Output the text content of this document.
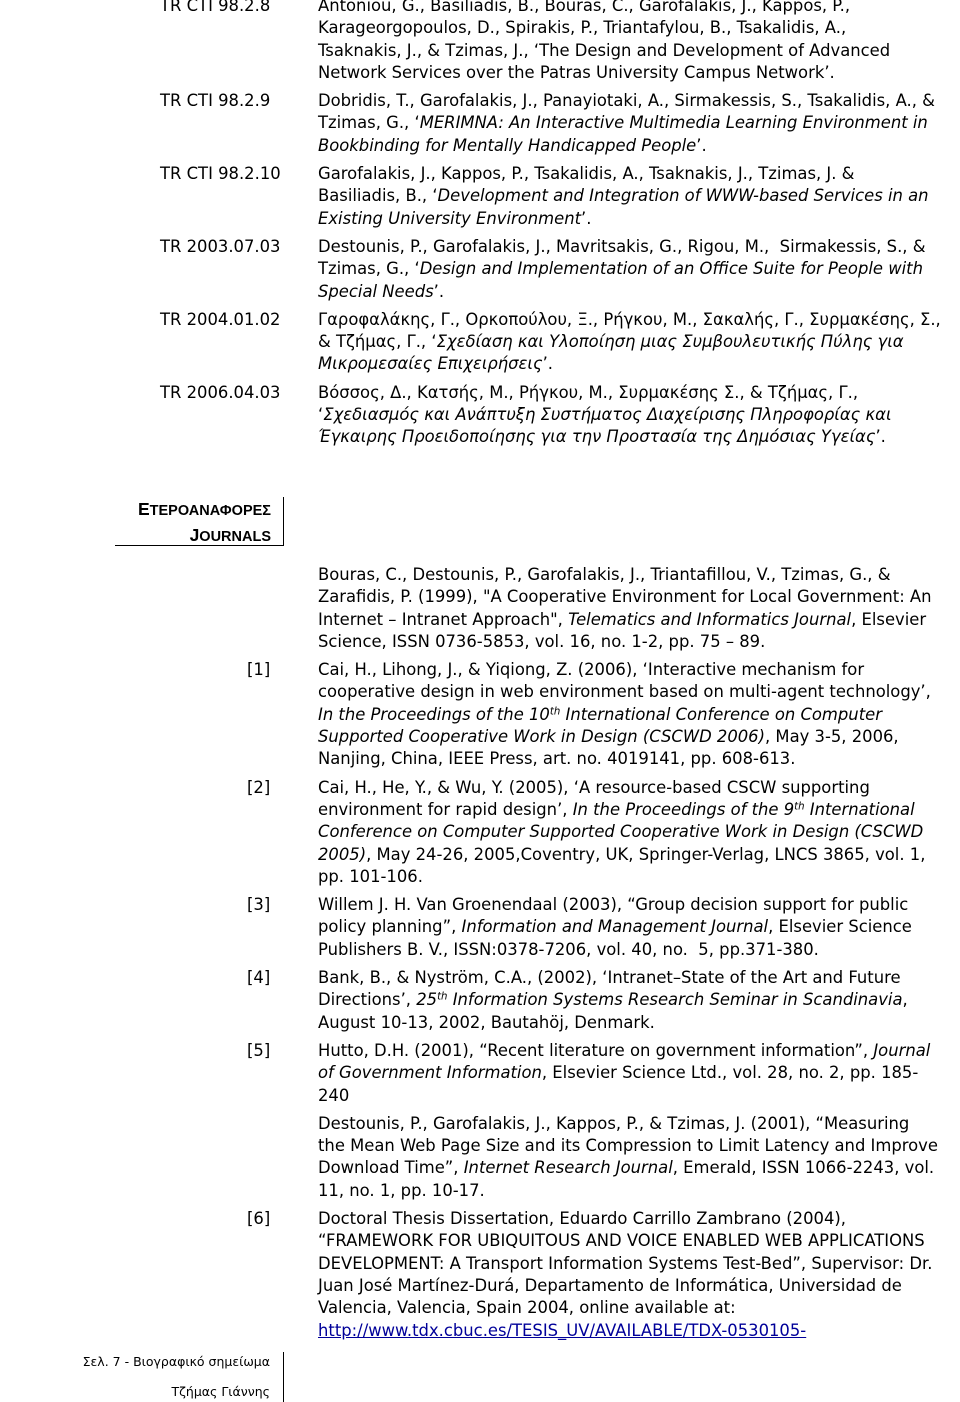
TR CTI 98.2.8	Antoniou, G., Basiliadis, B., Bouras, C., Garofalakis, J., Kappos, P.,
Karageorgopoulos, D., Spirakis, P., Triantafylou, B., Tsakalidis, A.,
Tsaknakis, J., & Tzimas, J., ‘The Design and Development of Advanced
Network Services over the Patras University Campus Network’.
TR CTI 98.2.9	Dobridis, T., Garofalakis, J., Panayiotaki, A., Sirmakessis, S., Tsakalidis, A., &
Tzimas, G., ‘MERIMNA: An Interactive Multimedia Learning Environment in
Bookbinding for Mentally Handicapped People’.
TR CTI 98.2.10	Garofalakis, J., Kappos, P., Tsakalidis, A., Tsaknakis, J., Tzimas, J. &
Basiliadis, B., ‘Development and Integration of WWW-based Services in an
Existing University Environment’.
TR 2003.07.03	Destounis, P., Garofalakis, J., Mavritsakis, G., Rigou, M.,  Sirmakessis, S., &
Tzimas, G., ‘Design and Implementation of an Office Suite for People with
Special Needs’.
TR 2004.01.02	Γαροφαλάκης, Γ., Ορκοπούλου, Ξ., Ρήγκου, Μ., Σακαλής, Γ., Συρμακέσης, Σ.,
& Τζήμας, Γ., ‘Σχεδίαση και Υλοποίηση μιας Συμβουλευτικής Πύλης για
Μικρομεσαίες Επιχειρήσεις’.
TR 2006.04.03	Βόσσος, Δ., Κατσής, Μ., Ρήγκου, Μ., Συρμακέσης Σ., & Τζήμας, Γ.,
‘Σχεδιασμός και Ανάπτυξη Συστήματος Διαχείρισης Πληροφορίας και
Έγκαιρης Προειδοποίησης για την Προστασία της Δημόσιας Υγείας’.
ΕΤΕΡΟΑΝΑΦΟΡΕΣ
JOURNALS
Bouras, C., Destounis, P., Garofalakis, J., Triantafillou, V., Tzimas, G., &
Zarafidis, P. (1999), "A Cooperative Environment for Local Government: An
Internet – Intranet Approach", Telematics and Informatics Journal, Elsevier
Science, ISSN 0736-5853, vol. 16, no. 1-2, pp. 75 – 89.
[1]	Cai, H., Lihong, J., & Yiqiong, Z. (2006), ‘Interactive mechanism for
cooperative design in web environment based on multi-agent technology’,
In the Proceedings of the 10th International Conference on Computer
Supported Cooperative Work in Design (CSCWD 2006), May 3-5, 2006,
Nanjing, China, IEEE Press, art. no. 4019141, pp. 608-613.
[2]	Cai, H., He, Y., & Wu, Y. (2005), ‘A resource-based CSCW supporting
environment for rapid design’, In the Proceedings of the 9th International
Conference on Computer Supported Cooperative Work in Design (CSCWD
2005), May 24-26, 2005,Coventry, UK, Springer-Verlag, LNCS 3865, vol. 1,
pp. 101-106.
[3]	Willem J. H. Van Groenendaal (2003), “Group decision support for public
policy planning”, Information and Management Journal, Elsevier Science
Publishers B. V., ISSN:0378-7206, vol. 40, no.  5, pp.371-380.
[4]	Bank, B., & Nyström, C.A., (2002), ‘Intranet–State of the Art and Future
Directions’, 25th Information Systems Research Seminar in Scandinavia,
August 10-13, 2002, Bautahöj, Denmark.
[5]	Hutto, D.H. (2001), “Recent literature on government information”, Journal
of Government Information, Elsevier Science Ltd., vol. 28, no. 2, pp. 185-
240
Destounis, P., Garofalakis, J., Kappos, P., & Tzimas, J. (2001), “Measuring
the Mean Web Page Size and its Compression to Limit Latency and Improve
Download Time”, Internet Research Journal, Emerald, ISSN 1066-2243, vol.
11, no. 1, pp. 10-17.
[6]	Doctoral Thesis Dissertation, Eduardo Carrillo Zambrano (2004),
“FRAMEWORK FOR UBIQUITOUS AND VOICE ENABLED WEB APPLICATIONS
DEVELOPMENT: A Transport Information Systems Test-Bed”, Supervisor: Dr.
Juan José Martínez-Durá, Departamento de Informática, Universidad de
Valencia, Valencia, Spain 2004, online available at:
http://www.tdx.cbuc.es/TESIS_UV/AVAILABLE/TDX-0530105-
Σελ. 7 - Βιογραφικό σημείωμα
Τζήμας Γιάννης
